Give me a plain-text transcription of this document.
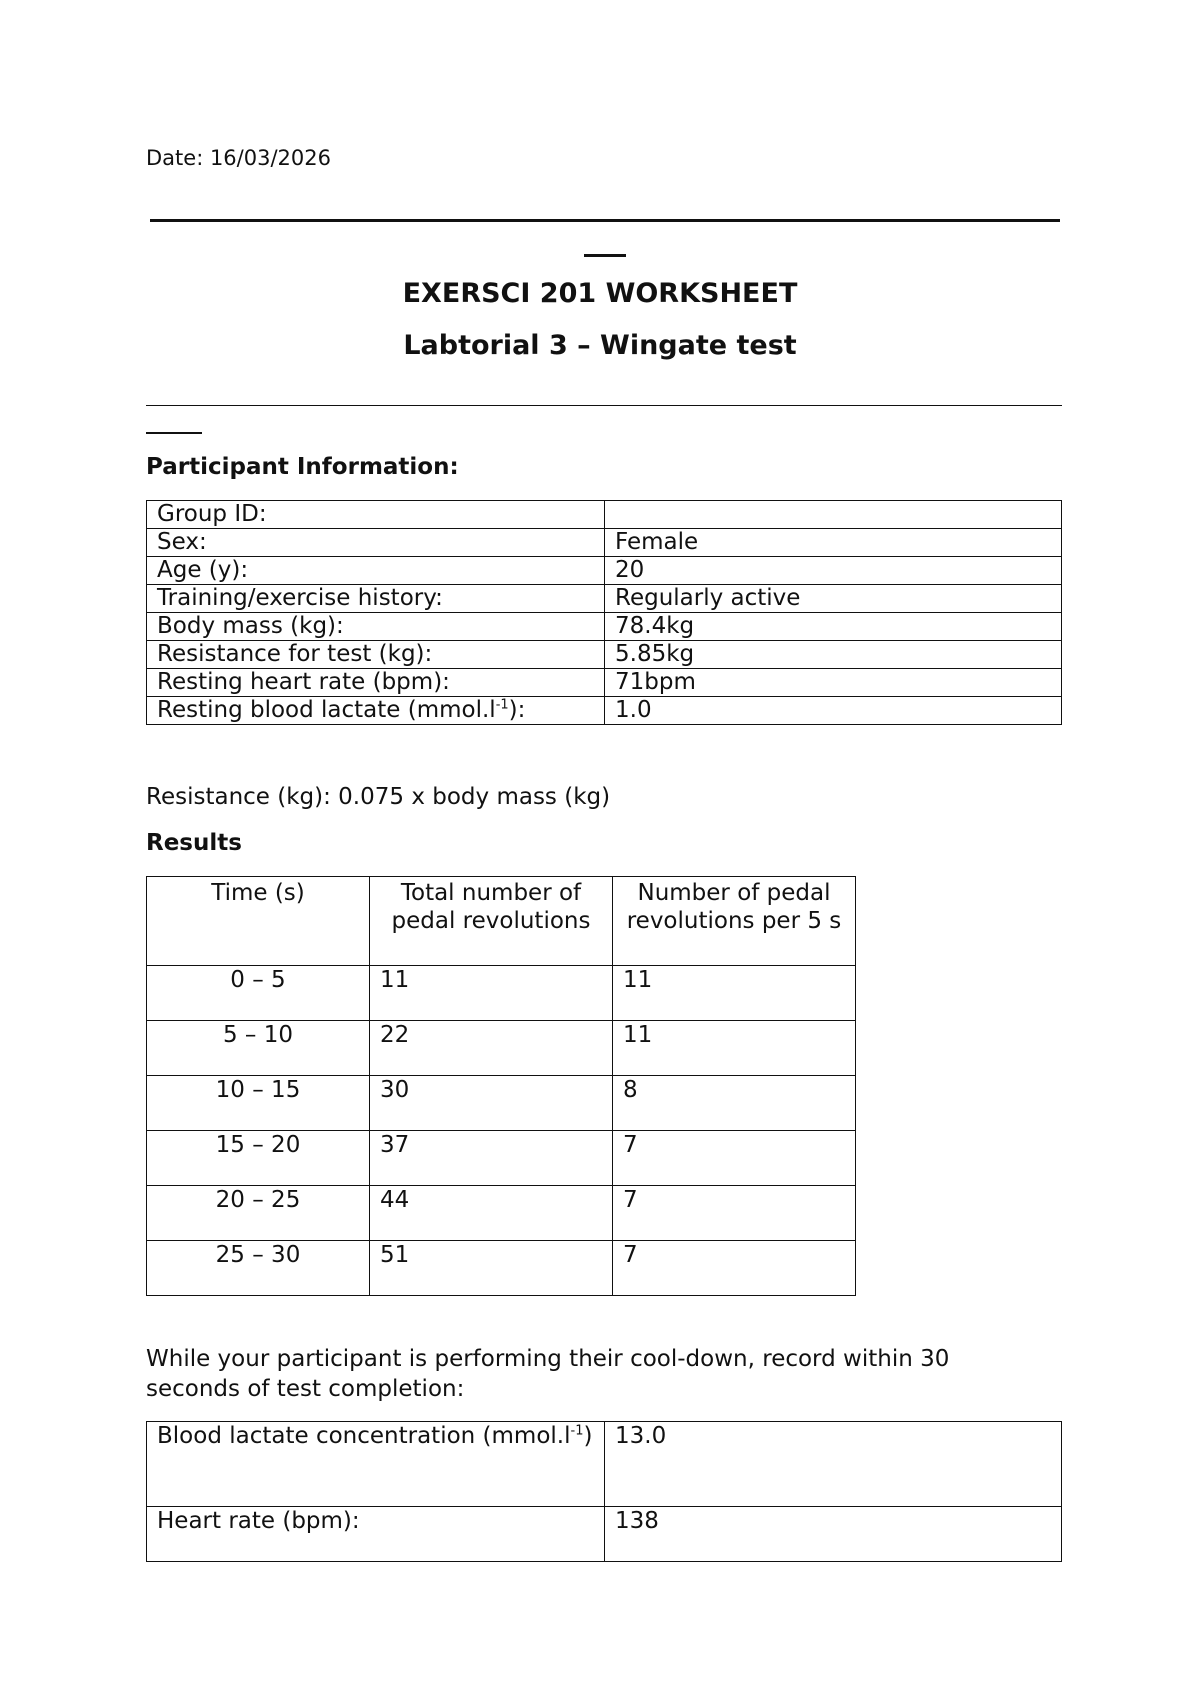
Date: 16/03/2026
EXERSCI 201 WORKSHEET
Labtorial 3 – Wingate test
Participant Information:
Group ID:	
Sex:	Female
Age (y):	20
Training/exercise history:	Regularly active
Body mass (kg):	78.4kg
Resistance for test (kg):	5.85kg
Resting heart rate (bpm):	71bpm
Resting blood lactate $(mmol.l^{-1})$:	1.0
Resistance (kg): 0.075 x body mass (kg)
Results
Time (s)	Total number of pedal revolutions	Number of pedal revolutions per 5 s
0 – 5	11	11
5 – 10	22	11
10 – 15	30	8
15 – 20	37	7
20 – 25	44	7
25 – 30	51	7
While your participant is performing their cool-down, record within 30 seconds of test completion:
Blood lactate concentration $(mmol.l^{-1})$	13.0
Heart rate (bpm):	138
